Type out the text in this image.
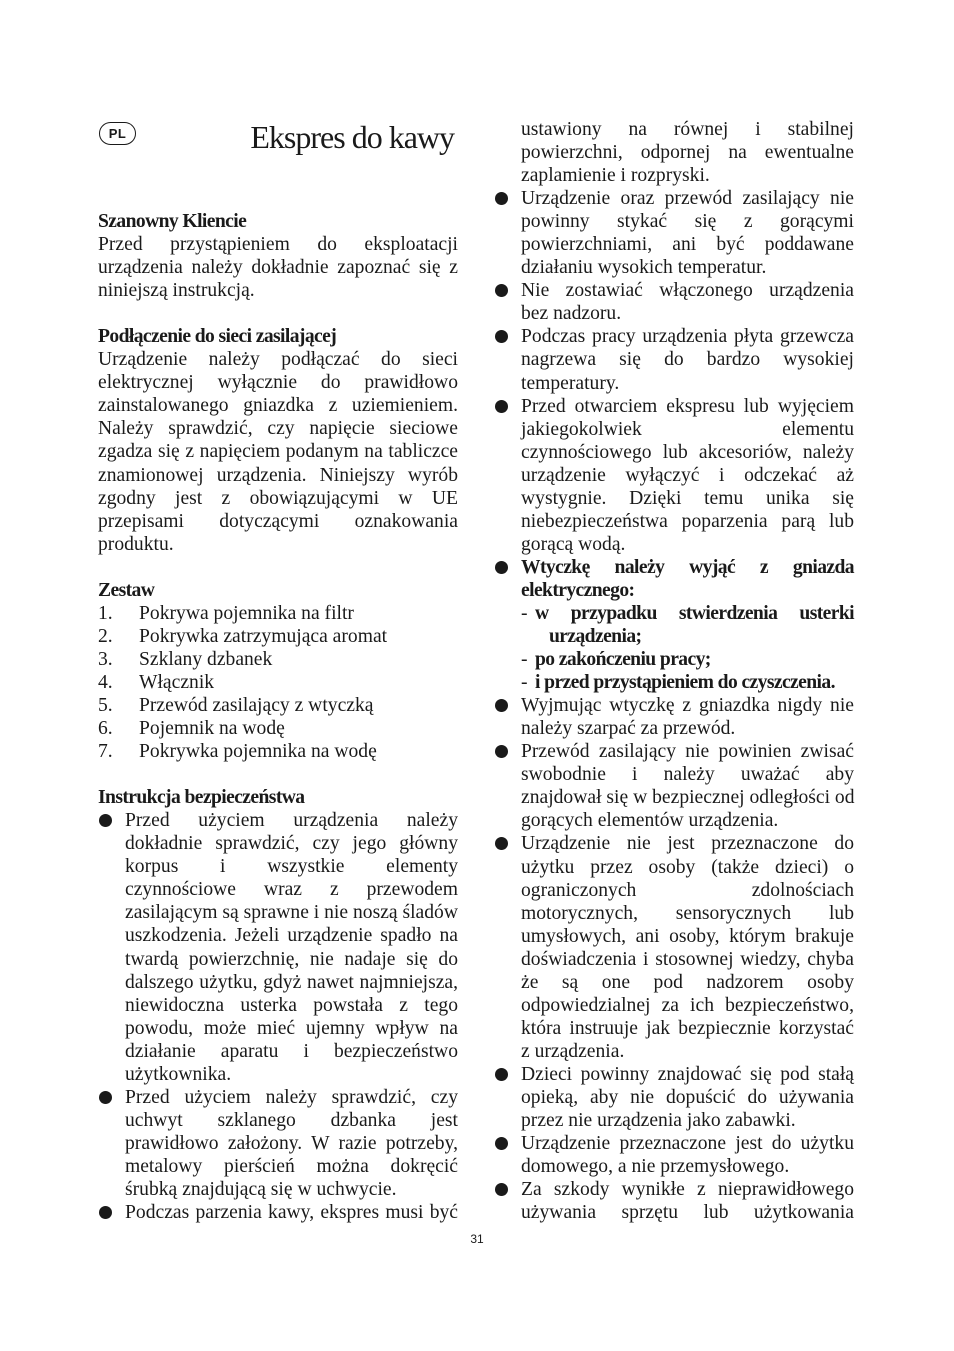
PL	Ekspres do kawy
Szanowny Kliencie
Przed przystąpieniem do eksploatacji
urządzenia należy dokładnie zapoznać się z
niniejszą instrukcją.
Podłączenie do sieci zasilającej
Urządzenie należy podłączać do sieci
elektrycznej wyłącznie do prawidłowo
zainstalowanego gniazdka z uziemieniem.
Należy sprawdzić, czy napięcie sieciowe
zgadza się z napięciem podanym na tabliczce
znamionowej urządzenia. Niniejszy wyrób
zgodny jest z obowiązującymi w UE
przepisami dotyczącymi oznakowania
produktu.
Zestaw
1. Pokrywa pojemnika na filtr
2. Pokrywka zatrzymująca aromat
3. Szklany dzbanek
4. Włącznik
5. Przewód zasilający z wtyczką
6. Pojemnik na wodę
7. Pokrywka pojemnika na wodę
Instrukcja bezpieczeństwa
Przed użyciem urządzenia należy
dokładnie sprawdzić, czy jego główny
korpus i wszystkie elementy
czynnościowe wraz z przewodem
zasilającym są sprawne i nie noszą śladów
uszkodzenia. Jeżeli urządzenie spadło na
twardą powierzchnię, nie nadaje się do
dalszego użytku, gdyż nawet najmniejsza,
niewidoczna usterka powstała z tego
powodu, może mieć ujemny wpływ na
działanie aparatu i bezpieczeństwo
użytkownika.
Przed użyciem należy sprawdzić, czy
uchwyt szklanego dzbanka jest
prawidłowo założony. W razie potrzeby,
metalowy pierścień można dokręcić
śrubką znajdującą się w uchwycie.
Podczas parzenia kawy, ekspres musi być
ustawiony na równej i stabilnej
powierzchni, odpornej na ewentualne
zaplamienie i rozpryski.
Urządzenie oraz przewód zasilający nie
powinny stykać się z gorącymi
powierzchniami, ani być poddawane
działaniu wysokich temperatur.
Nie zostawiać włączonego urządzenia
bez nadzoru.
Podczas pracy urządzenia płyta grzewcza
nagrzewa się do bardzo wysokiej
temperatury.
Przed otwarciem ekspresu lub wyjęciem
jakiegokolwiek elementu
czynnościowego lub akcesoriów, należy
urządzenie wyłączyć i odczekać aż
wystygnie. Dzięki temu unika się
niebezpieczeństwa poparzenia parą lub
gorącą wodą.
Wtyczkę należy wyjąć z gniazda
elektrycznego:
- w przypadku stwierdzenia usterki
urządzenia;
- po zakończeniu pracy;
- i przed przystąpieniem do czyszczenia.
Wyjmując wtyczkę z gniazdka nigdy nie
należy szarpać za przewód.
Przewód zasilający nie powinien zwisać
swobodnie i należy uważać aby
znajdował się w bezpiecznej odległości od
gorących elementów urządzenia.
Urządzenie nie jest przeznaczone do
użytku przez osoby (także dzieci) o
ograniczonych zdolnościach
motorycznych, sensorycznych lub
umysłowych, ani osoby, którym brakuje
doświadczenia i stosownej wiedzy, chyba
że są one pod nadzorem osoby
odpowiedzialnej za ich bezpieczeństwo,
która instruuje jak bezpiecznie korzystać
z urządzenia.
Dzieci powinny znajdować się pod stałą
opieką, aby nie dopuścić do używania
przez nie urządzenia jako zabawki.
Urządzenie przeznaczone jest do użytku
domowego, a nie przemysłowego.
Za szkody wynikłe z nieprawidłowego
używania sprzętu lub użytkowania
31
